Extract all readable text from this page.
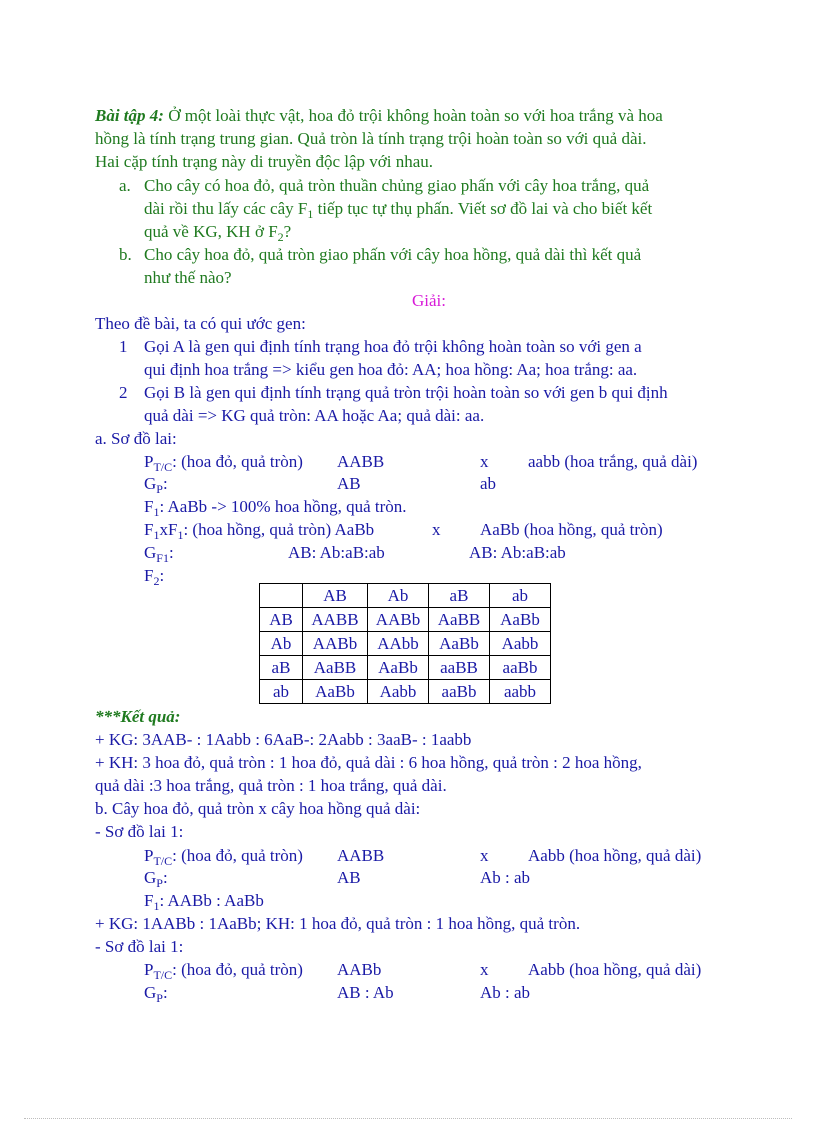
Bài tập 4: Ở một loài thực vật, hoa đỏ trội không hoàn toàn so với hoa trắng và hoa
hồng là tính trạng trung gian. Quả tròn là tính trạng trội hoàn toàn so với quả dài.
Hai cặp tính trạng này di truyền độc lập với nhau.
a. Cho cây có hoa đỏ, quả tròn thuần chủng giao phấn với cây hoa trắng, quả
dài rồi thu lấy các cây $F_1$ tiếp tục tự thụ phấn. Viết sơ đồ lai và cho biết kết
quả về KG, KH ở $F_2$?
b. Cho cây hoa đỏ, quả tròn giao phấn với cây hoa hồng, quả dài thì kết quả
như thế nào?
Giải:
Theo đề bài, ta có qui ước gen:
1 Gọi A là gen qui định tính trạng hoa đỏ trội không hoàn toàn so với gen a
qui định hoa trắng => kiểu gen hoa đỏ: AA; hoa hồng: Aa; hoa trắng: aa.
2 Gọi B là gen qui định tính trạng quả tròn trội hoàn toàn so với gen b qui định
quả dài => KG quả tròn: AA hoặc Aa; quả dài: aa.
a. Sơ đồ lai:
$P_{T/C}$: (hoa đỏ, quả tròn) AABB	x aabb (hoa trắng, quả dài)
$G_P$:	AB	ab
$F_1$: AaBb -> 100% hoa hồng, quả tròn.
$F_1xF_1$: (hoa hồng, quả tròn) AaBb	x AaBb (hoa hồng, quả tròn)
$G_{F1}$:	AB: Ab:aB:ab	AB: Ab:aB:ab
$F_2$:
	AB	Ab	aB	ab
AB	AABB	AABb	AaBB	AaBb
Ab	AABb	AAbb	AaBb	Aabb
aB	AaBB	AaBb	aaBB	aaBb
ab	AaBb	Aabb	aaBb	aabb
***Kết quả:
+ KG: 3AAB- : 1Aabb : 6AaB-: 2Aabb : 3aaB- : 1aabb
+ KH: 3 hoa đỏ, quả tròn : 1 hoa đỏ, quả dài : 6 hoa hồng, quả tròn : 2 hoa hồng,
quả dài :3 hoa trắng, quả tròn : 1 hoa trắng, quả dài.
b. Cây hoa đỏ, quả tròn x cây hoa hồng quả dài:
- Sơ đồ lai 1:
$P_{T/C}$: (hoa đỏ, quả tròn) AABB	x Aabb (hoa hồng, quả dài)
$G_P$:	AB	Ab : ab
$F_1$: AABb : AaBb
+ KG: 1AABb : 1AaBb; KH: 1 hoa đỏ, quả tròn : 1 hoa hồng, quả tròn.
- Sơ đồ lai 1:
$P_{T/C}$: (hoa đỏ, quả tròn) AABb	x Aabb (hoa hồng, quả dài)
$G_P$:	AB : Ab	Ab : ab
